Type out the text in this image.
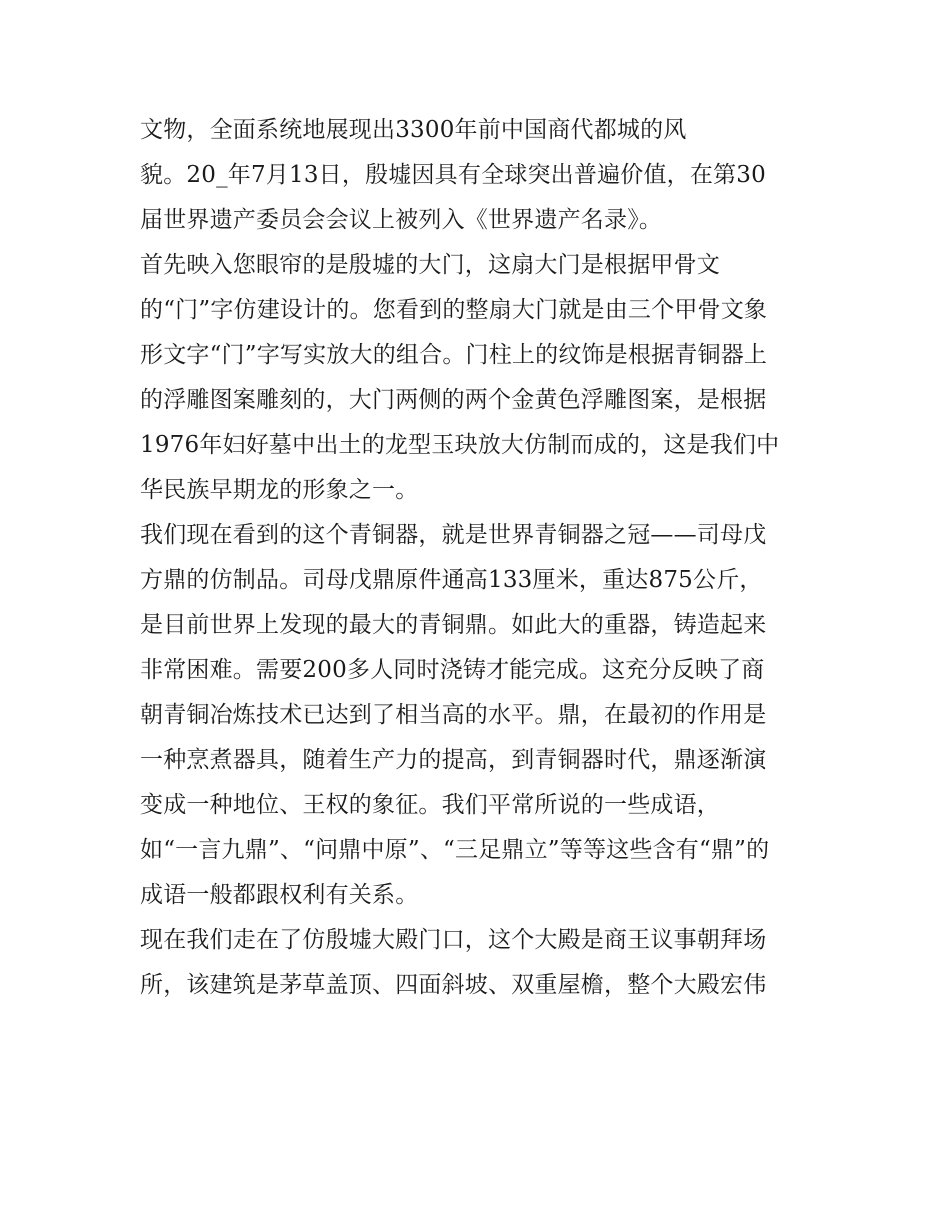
文物，全面系统地展现出3300年前中国商代都城的风
貌。20_年7月13日，殷墟因具有全球突出普遍价值，在第30
届世界遗产委员会会议上被列入《世界遗产名录》。
首先映入您眼帘的是殷墟的大门，这扇大门是根据甲骨文
的“门”字仿建设计的。您看到的整扇大门就是由三个甲骨文象
形文字“门”字写实放大的组合。门柱上的纹饰是根据青铜器上
的浮雕图案雕刻的，大门两侧的两个金黄色浮雕图案，是根据
1976年妇好墓中出土的龙型玉玦放大仿制而成的，这是我们中
华民族早期龙的形象之一。
我们现在看到的这个青铜器，就是世界青铜器之冠——司母戊
方鼎的仿制品。司母戊鼎原件通高133厘米，重达875公斤，
是目前世界上发现的最大的青铜鼎。如此大的重器，铸造起来
非常困难。需要200多人同时浇铸才能完成。这充分反映了商
朝青铜冶炼技术已达到了相当高的水平。鼎，在最初的作用是
一种烹煮器具，随着生产力的提高，到青铜器时代，鼎逐渐演
变成一种地位、王权的象征。我们平常所说的一些成语，
如“一言九鼎”、“问鼎中原”、“三足鼎立”等等这些含有“鼎”的
成语一般都跟权利有关系。
现在我们走在了仿殷墟大殿门口，这个大殿是商王议事朝拜场
所，该建筑是茅草盖顶、四面斜坡、双重屋檐，整个大殿宏伟
